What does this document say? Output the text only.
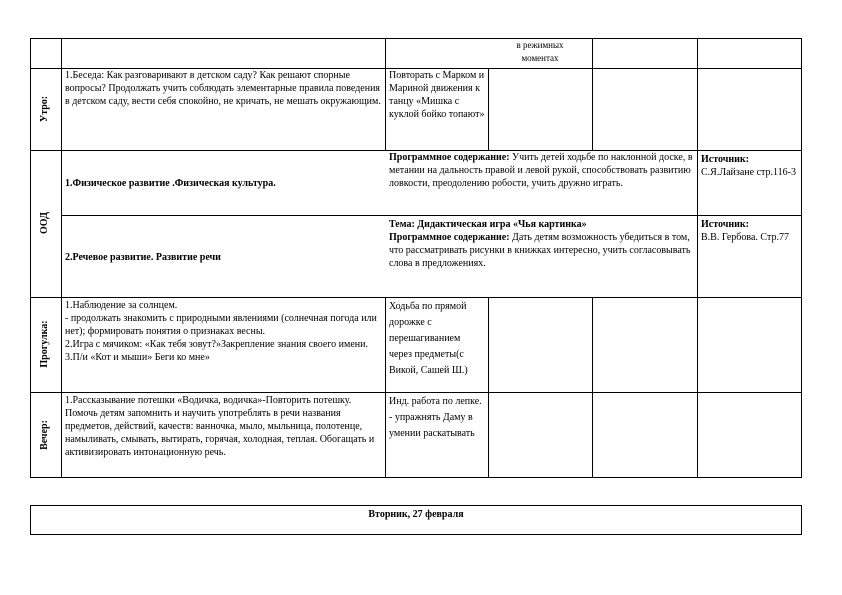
в режимных моментах
Утро:
1.Беседа: Как разговаривают в детском саду? Как решают спорные вопросы? Продолжать учить соблюдать элементарные правила поведения в детском саду, вести себя спокойно, не кричать, не мешать окружающим.
Повторать с Марком и Мариной движения к танцу «Мишка с куклой бойко топают»
ООД
1.Физическое развитие .Физическая культура.
Программное содержание: Учить детей ходьбе по наклонной доске, в метании на дальность правой и левой рукой, способствовать развитию ловкости, преодолению робости, учить дружно играть.
Источник:
С.Я.Лайзане стр.116-3
2.Речевое развитие. Развитие речи
Тема: Дидактическая игра «Чья картинка»
Программное содержание: Дать детям возможность убедиться в том, что рассматривать рисунки в книжках интересно, учить согласовывать слова в предложениях.
Источник:
В.В. Гербова. Стр.77
Прогулка:
1.Наблюдение за солнцем.
- продолжать знакомить с природными явлениями (солнечная погода или нет); формировать понятия о признаках весны.
2.Игра с мячиком: «Как тебя зовут?»Закрепление знания своего имени.
3.П/и «Кот и мыши» Беги ко мне»
Ходьба по прямой дорожке с перешагиванием через предметы(с Викой, Сашей Ш.)
Вечер:
1.Рассказывание потешки «Водичка, водичка»-Повторить потешку. Помочь детям запомнить и научить употреблять в речи названия предметов, действий, качеств: ванночка, мыло, мыльница, полотенце, намыливать, смывать, вытирать, горячая, холодная, теплая. Обогащать и активизировать интонационную речь.
Инд. работа по лепке. - упражнять Даму в умении раскатывать
Вторник, 27 февраля
